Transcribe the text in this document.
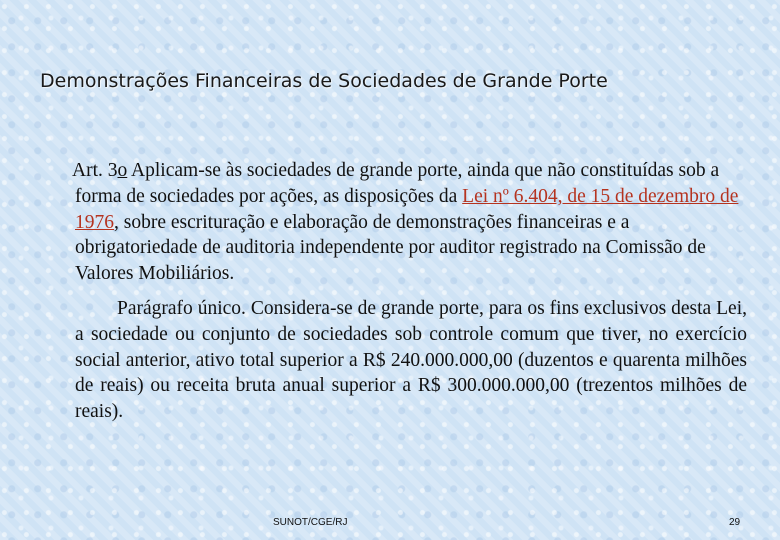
Demonstrações Financeiras de Sociedades de Grande Porte

Art. 3o Aplicam-se às sociedades de grande porte, ainda que não constituídas sob a forma de sociedades por ações, as disposições da Lei nº 6.404, de 15 de dezembro de 1976, sobre escrituração e elaboração de demonstrações financeiras e a obrigatoriedade de auditoria independente por auditor registrado na Comissão de Valores Mobiliários.

Parágrafo único. Considera-se de grande porte, para os fins exclusivos desta Lei, a sociedade ou conjunto de sociedades sob controle comum que tiver, no exercício social anterior, ativo total superior a R$ 240.000.000,00 (duzentos e quarenta milhões de reais) ou receita bruta anual superior a R$ 300.000.000,00 (trezentos milhões de reais).

SUNOT/CGE/RJ	29
